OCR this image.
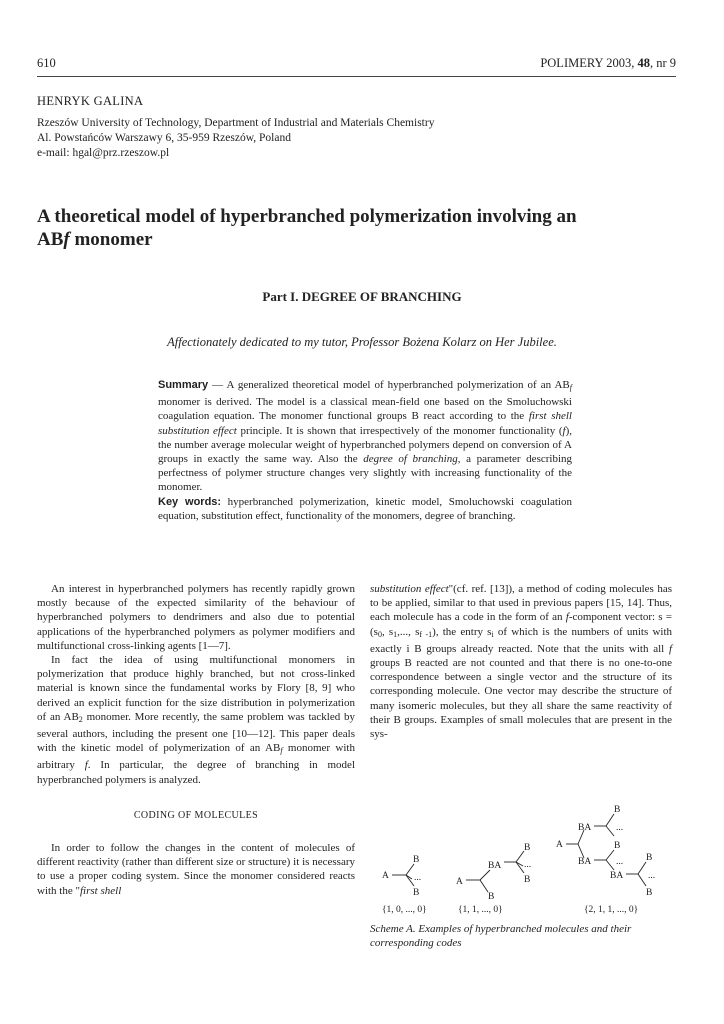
610	POLIMERY 2003, 48, nr 9
HENRYK GALINA
Rzeszów University of Technology, Department of Industrial and Materials Chemistry
Al. Powstańców Warszawy 6, 35-959 Rzeszów, Poland
e-mail: hgal@prz.rzeszow.pl
A theoretical model of hyperbranched polymerization involving an
ABf monomer
Part I. DEGREE OF BRANCHING
Affectionately dedicated to my tutor, Professor Bożena Kolarz on Her Jubilee.
Summary — A generalized theoretical model of hyperbranched polymerization of an $AB_f$ monomer is derived. The model is a classical mean-field one based on the Smoluchowski coagulation equation. The monomer functional groups B react according to the first shell substitution effect principle. It is shown that irrespectively of the monomer functionality (f), the number average molecular weight of hyperbranched polymers depend on conversion of A groups in exactly the same way. Also the degree of branching, a parameter describing perfectness of polymer structure changes very slightly with increasing functionality of the monomer.
Key words: hyperbranched polymerization, kinetic model, Smoluchowski coagulation equation, substitution effect, functionality of the monomers, degree of branching.

An interest in hyperbranched polymers has recently rapidly grown mostly because of the expected similarity of the behaviour of hyperbranched polymers to dendrimers and also due to potential applications of the hyperbranched polymers as polymer modifiers and multifunctional cross-linking agents [1—7].

In fact the idea of using multifunctional monomers in polymerization that produce highly branched, but not cross-linked material is known since the fundamental works by Flory [8, 9] who derived an explicit function for the size distribution in polymerization of an $AB_2$ monomer. More recently, the same problem was tackled by several authors, including the present one [10—12]. This paper deals with the kinetic model of polymerization of an $AB_f$ monomer with arbitrary f. In particular, the degree of branching in model hyperbranched polymers is analyzed.

CODING OF MOLECULES

In order to follow the changes in the content of molecules of different reactivity (rather than different size or structure) it is necessary to use a proper coding system. Since the monomer considered reacts with the "first shell

substitution effect"(cf. ref. [13]), a method of coding molecules has to be applied, similar to that used in previous papers [15, 14]. Thus, each molecule has a code in the form of an f-component vector: $s = (s_0$, $s_1$,..., $s_{f -1}$), the entry $s_i$ of which is the numbers of units with exactly i B groups already reacted. Note that the units with all f groups B reacted are not counted and that there is no one-to-one correspondence between a single vector and the structure of its corresponding molecule. One vector may describe the structure of many isomeric molecules, but they all share the same reactivity of their B groups. Examples of small molecules that are present in the sys-

A
B
B
...	A
BA
B
B
B
...
A
BA
BA
B
...
B
BA
... B
B
...
{1, 0, ..., 0}	{1, 1, ..., 0}	{2, 1, 1, ..., 0}
Scheme A. Examples of hyperbranched molecules and their corresponding codes
